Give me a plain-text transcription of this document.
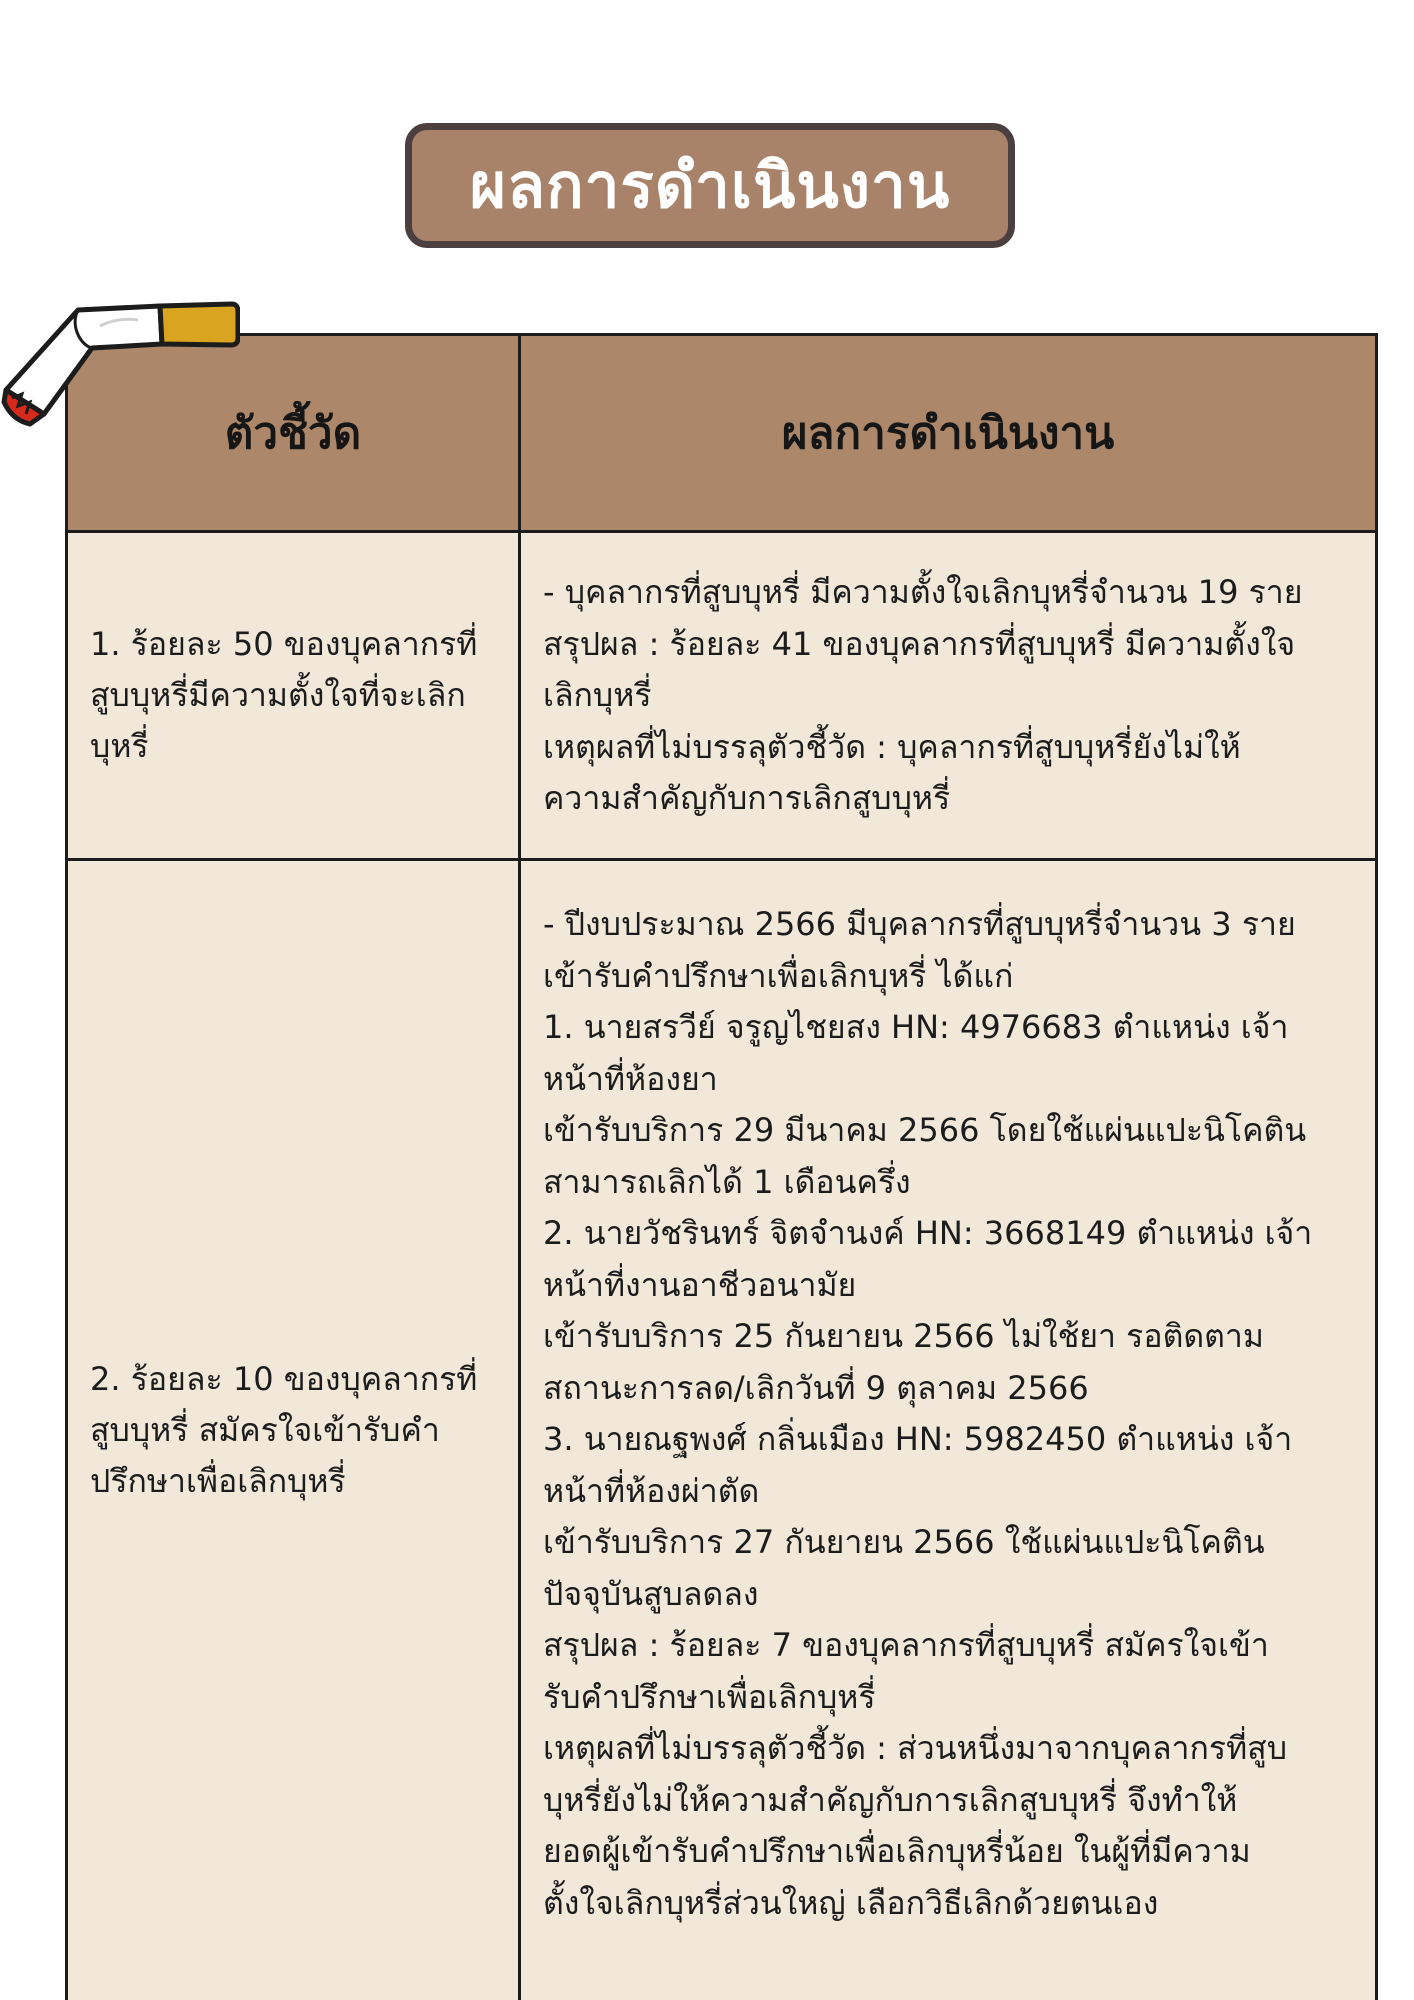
ผลการดำเนินงาน
ตัวชี้วัด	ผลการดำเนินงาน
1. ร้อยละ 50 ของบุคลากรที่สูบบุหรี่มีความตั้งใจที่จะเลิกบุหรี่
- บุคลากรที่สูบบุหรี่ มีความตั้งใจเลิกบุหรี่จำนวน 19 ราย
สรุปผล : ร้อยละ 41 ของบุคลากรที่สูบบุหรี่ มีความตั้งใจ
เลิกบุหรี่
เหตุผลที่ไม่บรรลุตัวชี้วัด : บุคลากรที่สูบบุหรี่ยังไม่ให้
ความสำคัญกับการเลิกสูบบุหรี่
2. ร้อยละ 10 ของบุคลากรที่สูบบุหรี่ สมัครใจเข้ารับคำปรึกษาเพื่อเลิกบุหรี่
- ปีงบประมาณ 2566 มีบุคลากรที่สูบบุหรี่จำนวน 3 ราย
เข้ารับคำปรึกษาเพื่อเลิกบุหรี่ ได้แก่
1. นายสรวีย์ จรูญไชยสง HN: 4976683 ตำแหน่ง เจ้า
หน้าที่ห้องยา
เข้ารับบริการ 29 มีนาคม 2566 โดยใช้แผ่นแปะนิโคติน
สามารถเลิกได้ 1 เดือนครึ่ง
2. นายวัชรินทร์ จิตจำนงค์ HN: 3668149 ตำแหน่ง เจ้า
หน้าที่งานอาชีวอนามัย
เข้ารับบริการ 25 กันยายน 2566 ไม่ใช้ยา รอติดตาม
สถานะการลด/เลิกวันที่ 9 ตุลาคม 2566
3. นายณฐพงศ์ กลิ่นเมือง HN: 5982450 ตำแหน่ง เจ้า
หน้าที่ห้องผ่าตัด
เข้ารับบริการ 27 กันยายน 2566 ใช้แผ่นแปะนิโคติน
ปัจจุบันสูบลดลง
สรุปผล : ร้อยละ 7 ของบุคลากรที่สูบบุหรี่ สมัครใจเข้า
รับคำปรึกษาเพื่อเลิกบุหรี่
เหตุผลที่ไม่บรรลุตัวชี้วัด : ส่วนหนึ่งมาจากบุคลากรที่สูบ
บุหรี่ยังไม่ให้ความสำคัญกับการเลิกสูบบุหรี่ จึงทำให้
ยอดผู้เข้ารับคำปรึกษาเพื่อเลิกบุหรี่น้อย ในผู้ที่มีความ
ตั้งใจเลิกบุหรี่ส่วนใหญ่ เลือกวิธีเลิกด้วยตนเอง
